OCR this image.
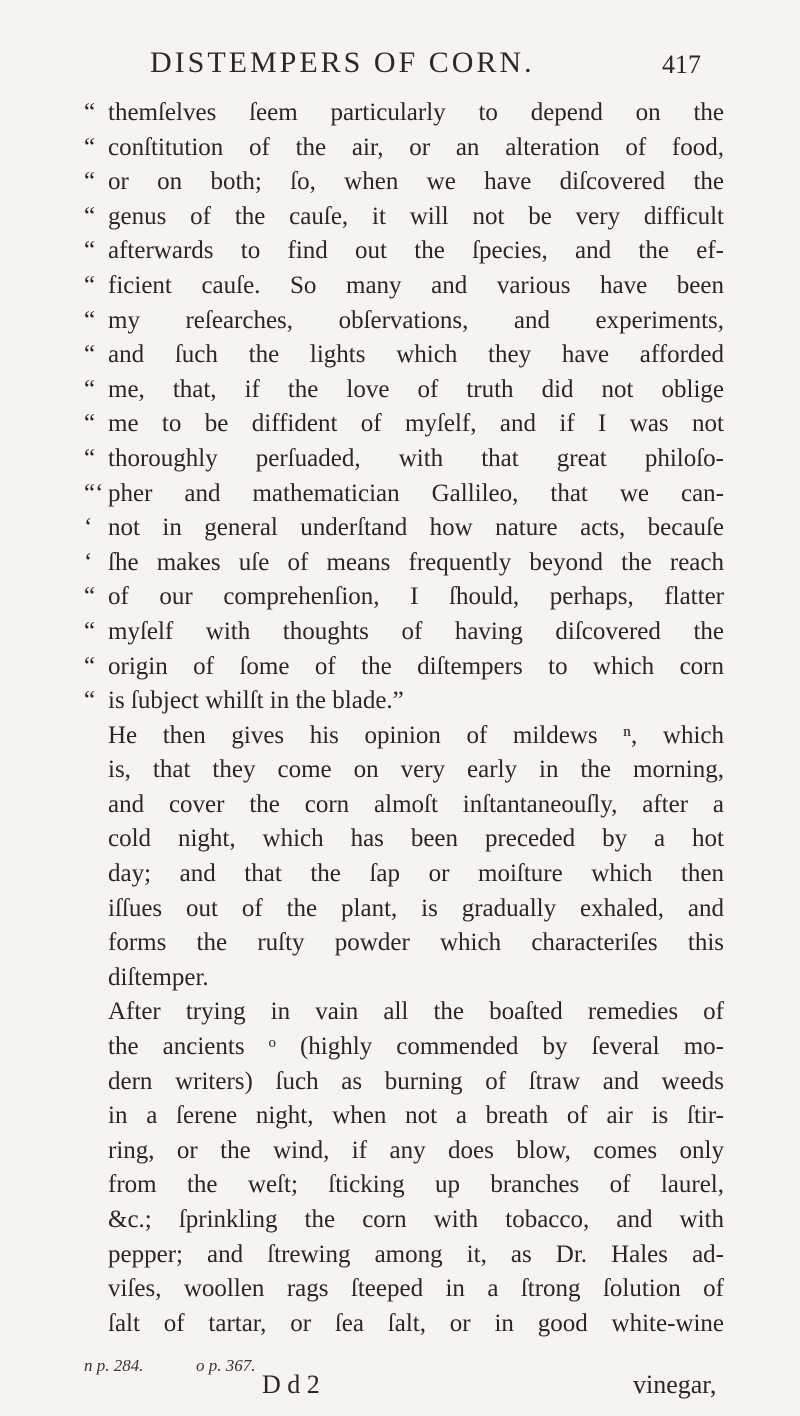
DISTEMPERS OF CORN.	417
“ themſelves ſeem particularly to depend on the
“ conſtitution of the air, or an alteration of food,
“ or on both; ſo, when we have diſcovered the
“ genus of the cauſe, it will not be very difficult
“ afterwards to find out the ſpecies, and the ef-
“ ficient cauſe. So many and various have been
“ my reſearches, obſervations, and experiments,
“ and ſuch the lights which they have afforded
“ me, that, if the love of truth did not oblige
“ me to be diffident of myſelf, and if I was not
“ thoroughly perſuaded, with that great philoſo-
“‘ pher and mathematician Gallileo, that we can-
‘ not in general underſtand how nature acts, becauſe
‘ ſhe makes uſe of means frequently beyond the reach
“ of our comprehenſion, I ſhould, perhaps, flatter
“ myſelf with thoughts of having diſcovered the
“ origin of ſome of the diſtempers to which corn
“ is ſubject whilſt in the blade.”
He then gives his opinion of mildews ⁿ, which
is, that they come on very early in the morning,
and cover the corn almoſt inſtantaneouſly, after a
cold night, which has been preceded by a hot
day; and that the ſap or moiſture which then
iſſues out of the plant, is gradually exhaled, and
forms the ruſty powder which characteriſes this
diſtemper.
After trying in vain all the boaſted remedies of
the ancients ᵒ (highly commended by ſeveral mo-
dern writers) ſuch as burning of ſtraw and weeds
in a ſerene night, when not a breath of air is ſtir-
ring, or the wind, if any does blow, comes only
from the weſt; ſticking up branches of laurel,
&c.; ſprinkling the corn with tobacco, and with
pepper; and ſtrewing among it, as Dr. Hales ad-
viſes, woollen rags ſteeped in a ſtrong ſolution of
ſalt of tartar, or ſea ſalt, or in good white-wine
n p. 284.	o p. 367.
D d 2	vinegar,
